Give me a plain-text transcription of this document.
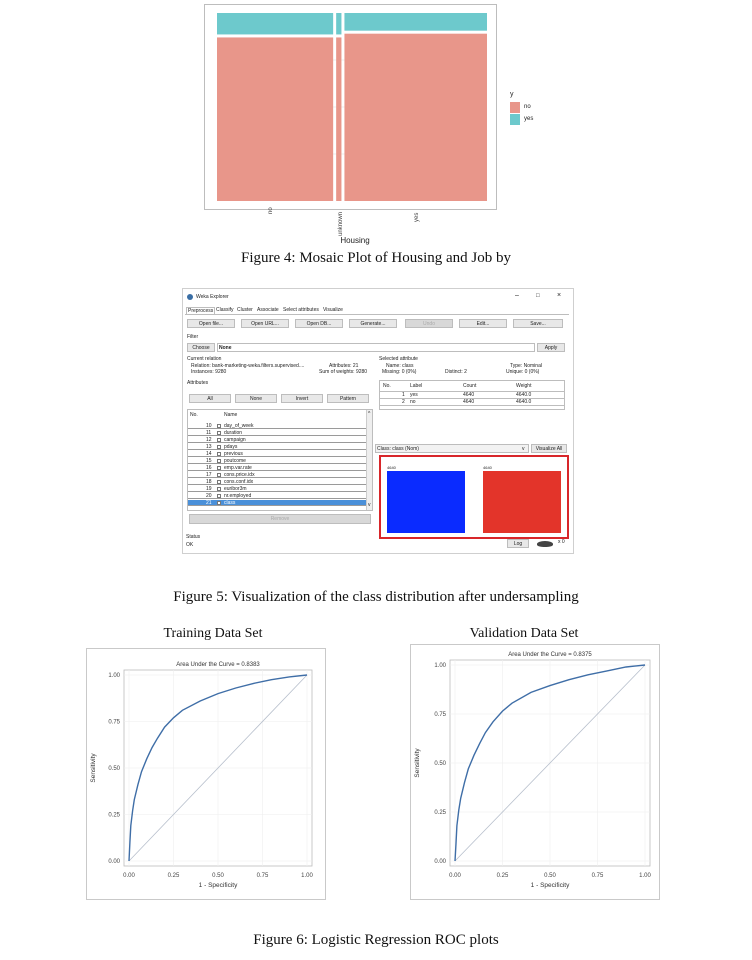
no
unknown	yes
Housing
y
no
yes
Figure 4: Mosaic Plot of Housing and Job by
Weka Explorer	–	□ ×
Preprocess Classify Cluster Associate Select attributes Visualize
Open file...	Open URL...	Open DB...	Generate...	Undo	Edit...	Save...
Filter
Choose	None	Apply
Current relation
Relation: bank-marketing-weka.filters.supervised....
Instances: 9280
Attributes: 21
Sum of weights: 9280
Attributes
All	None	Invert	Pattern
No.	Name
10 day_of_week
11	duration
12 campaign
13 pdays
14 previous
15 poutcome
16 emp.var.rate
17 cons.price.idx
18 cons.conf.idx
19 euribor3m
20 nr.employed
21 class
^
v
Remove
Selected attribute
Name: class
Missing: 0 (0%)	Distinct: 2
Type: Nominal
Unique: 0 (0%)
No.	Label	Count	Weight
1 yes	4640	4640.0
2 no	4640	4640.0
Class: class (Nom)	v	Visualize All
4640	4640
Status
OK	Log	x 0
Figure 5: Visualization of the class distribution after undersampling
Training Data Set	Validation Data Set
0.00	0.25	0.50	0.75	1.00
0.00
0.25
0.50
0.75
1.00
Area Under the Curve = 0.8383
1 - Specificity
Sensitivity
0.00	0.25	0.50	0.75	1.00
0.00
0.25
0.50
0.75
1.00
Area Under the Curve = 0.8375
1 - Specificity
Sensitivity
Figure 6: Logistic Regression ROC plots
